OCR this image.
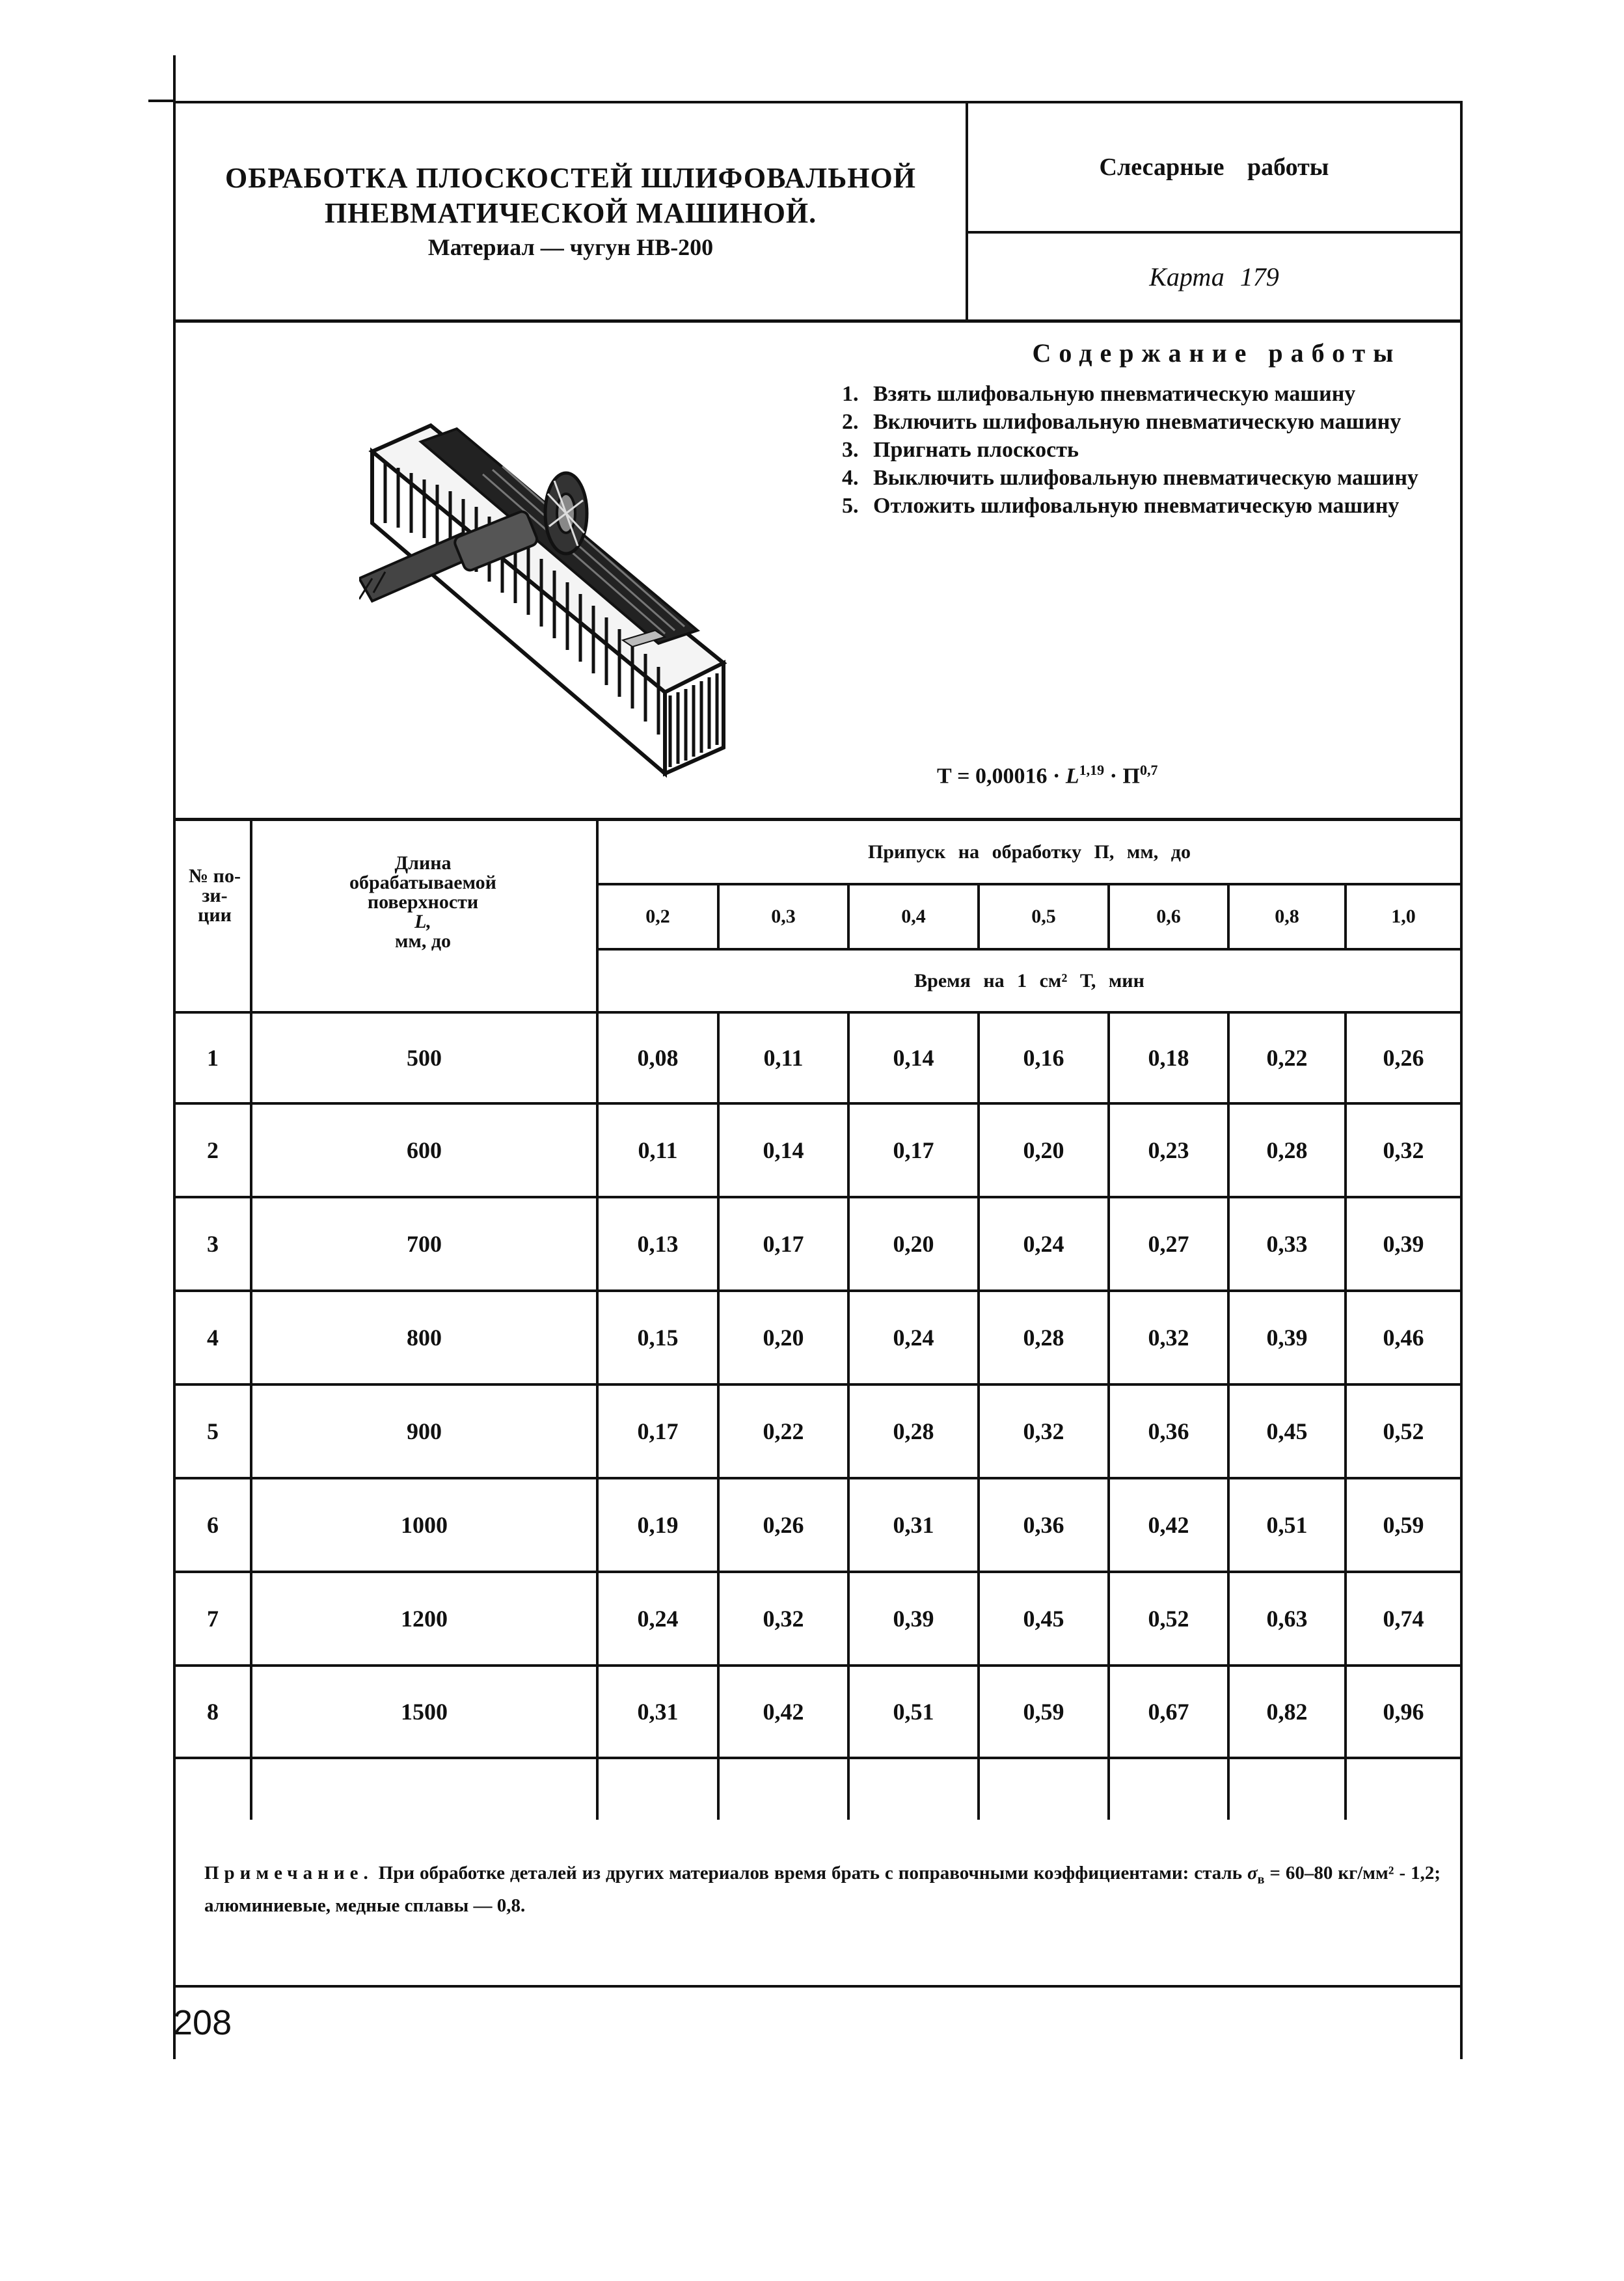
ОБРАБОТКА ПЛОСКОСТЕЙ ШЛИФОВАЛЬНОЙ
ПНЕВМАТИЧЕСКОЙ МАШИНОЙ.
Материал — чугун НВ-200
Слесарные работы
Карта 179
Содержание работы
1. Взять шлифовальную пневматическую машину
2. Включить шлифовальную пневматическую машину
3. Пригнать плоскость
4. Выключить шлифовальную пневматическую машину
5. Отложить шлифовальную пневматическую машину
Т = 0,00016 · L$^{1,19}$ · П$^{0,7}$
№ по-зи-ции
Длина обрабатываемой поверхности
L,
мм, до
Припуск на обработку П, мм, до
Время на 1 см² Т, мин
0,2	0,3	0,4	0,5	0,6	0,8	1,0
1	500	0,08	0,11	0,14	0,16	0,18	0,22	0,26
2	600	0,11	0,14	0,17	0,20	0,23	0,28	0,32
3	700	0,13	0,17	0,20	0,24	0,27	0,33	0,39
4	800	0,15	0,20	0,24	0,28	0,32	0,39	0,46
5	900	0,17	0,22	0,28	0,32	0,36	0,45	0,52
6	1000	0,19	0,26	0,31	0,36	0,42	0,51	0,59
7	1200	0,24	0,32	0,39	0,45	0,52	0,63	0,74
8	1500	0,31	0,42	0,51	0,59	0,67	0,82	0,96
Примечание. При обработке деталей из других материалов время брать с поправочными коэффициентами: сталь $\sigma_в = 60-80$ кг/мм² - 1,2; алюминиевые, медные сплавы — 0,8.
208
